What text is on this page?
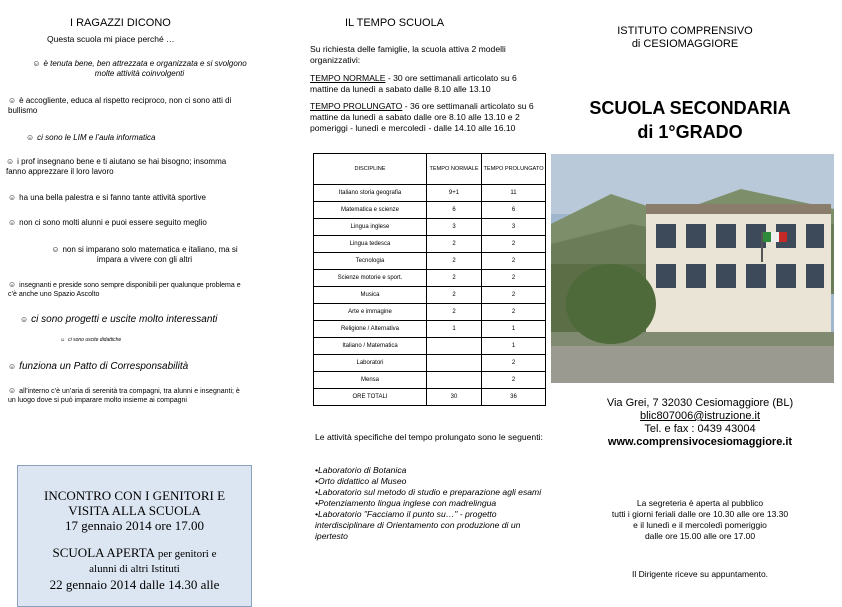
I RAGAZZI DICONO
Questa scuola mi piace perché …
☺ è tenuta bene, ben attrezzata e organizzata e si svolgono molte attività coinvolgenti
☺ è accogliente, educa al rispetto reciproco, non ci sono atti di bullismo
☺ ci sono le LIM e l’aula informatica
☺ i prof insegnano bene e ti aiutano se hai bisogno; insomma fanno apprezzare il loro lavoro
☺ ha una bella palestra e si fanno tante attività sportive
☺ non ci sono molti alunni e puoi essere seguito meglio
☺ non si imparano solo matematica e italiano, ma si impara a vivere con gli altri
☺ insegnanti e preside sono sempre disponibili per qualunque problema e c’è anche uno Spazio Ascolto
☺ ci sono progetti e uscite molto interessanti
☺ ci sono uscite didattiche
☺ funziona un Patto di Corresponsabilità
☺ all’interno c’è un’aria di serenità tra compagni, tra alunni e insegnanti; è un luogo dove si può imparare molto insieme ai compagni
INCONTRO CON I GENITORI E
VISITA ALLA SCUOLA
17 gennaio 2014 ore 17.00
SCUOLA APERTA per genitori e
alunni di altri Istituti
22 gennaio 2014 dalle 14.30 alle
IL TEMPO SCUOLA

Su richiesta delle famiglie, la scuola attiva 2 modelli organizzativi:

TEMPO NORMALE - 30 ore settimanali articolato su 6 mattine da lunedì a sabato dalle 8.10 alle 13.10

TEMPO PROLUNGATO - 36 ore settimanali articolato su 6 mattine da lunedì a sabato dalle ore 8.10 alle 13.10 e 2 pomeriggi - lunedì e mercoledì - dalle 14.10 alle 16.10

DISCIPLINE	TEMPO NORMALE	TEMPO PROLUNGATO
Italiano storia geografia	9+1	11
Matematica e scienze	6	6
Lingua inglese	3	3
Lingua tedesca	2	2
Tecnologia	2	2
Scienze motorie e sport.	2	2
Musica	2	2
Arte e immagine	2	2
Religione / Alternativa	1	1
Italiano / Matematica		1
Laboratori		2
Mensa		2
ORE TOTALI	30	36

Le attività specifiche del tempo prolungato sono le seguenti:

•Laboratorio di Botanica
•Orto didattico al Museo
•Laboratorio sul metodo di studio e preparazione agli esami
•Potenziamento lingua inglese con madrelingua
•Laboratorio "Facciamo il punto su…" - progetto interdisciplinare di Orientamento con produzione di un ipertesto
ISTITUTO COMPRENSIVO
di CESIOMAGGIORE
SCUOLA SECONDARIA
di 1°GRADO
Via Grei, 7 32030 Cesiomaggiore (BL)
blic807006@istruzione.it
Tel. e fax : 0439 43004
www.comprensivocesiomaggiore.it
La segreteria è aperta al pubblico
tutti i giorni feriali dalle ore 10.30 alle ore 13.30
e il lunedì e il mercoledì pomeriggio
dalle ore 15.00 alle ore 17.00
Il Dirigente riceve su appuntamento.
